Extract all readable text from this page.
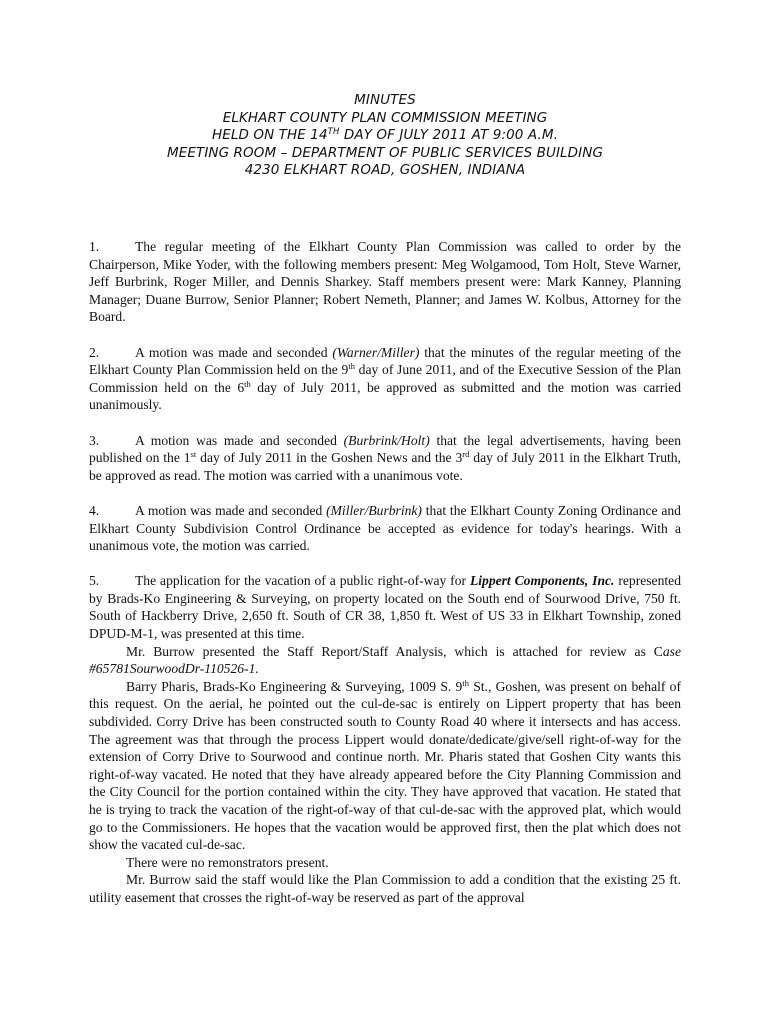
MINUTES
ELKHART COUNTY PLAN COMMISSION MEETING
HELD ON THE 14TH DAY OF JULY 2011 AT 9:00 A.M.
MEETING ROOM – DEPARTMENT OF PUBLIC SERVICES BUILDING
4230 ELKHART ROAD, GOSHEN, INDIANA

1.	The regular meeting of the Elkhart County Plan Commission was called to order by the Chairperson, Mike Yoder, with the following members present: Meg Wolgamood, Tom Holt, Steve Warner, Jeff Burbrink, Roger Miller, and Dennis Sharkey. Staff members present were: Mark Kanney, Planning Manager; Duane Burrow, Senior Planner; Robert Nemeth, Planner; and James W. Kolbus, Attorney for the Board.

2.	A motion was made and seconded (Warner/Miller) that the minutes of the regular meeting of the Elkhart County Plan Commission held on the 9th day of June 2011, and of the Executive Session of the Plan Commission held on the 6th day of July 2011, be approved as submitted and the motion was carried unanimously.

3.	A motion was made and seconded (Burbrink/Holt) that the legal advertisements, having been published on the 1st day of July 2011 in the Goshen News and the 3rd day of July 2011 in the Elkhart Truth, be approved as read. The motion was carried with a unanimous vote.

4.	A motion was made and seconded (Miller/Burbrink) that the Elkhart County Zoning Ordinance and Elkhart County Subdivision Control Ordinance be accepted as evidence for today's hearings. With a unanimous vote, the motion was carried.

5.	The application for the vacation of a public right-of-way for Lippert Components, Inc. represented by Brads-Ko Engineering & Surveying, on property located on the South end of Sourwood Drive, 750 ft. South of Hackberry Drive, 2,650 ft. South of CR 38, 1,850 ft. West of US 33 in Elkhart Township, zoned DPUD-M-1, was presented at this time.

Mr. Burrow presented the Staff Report/Staff Analysis, which is attached for review as Case #65781SourwoodDr-110526-1.

Barry Pharis, Brads-Ko Engineering & Surveying, 1009 S. 9th St., Goshen, was present on behalf of this request. On the aerial, he pointed out the cul-de-sac is entirely on Lippert property that has been subdivided. Corry Drive has been constructed south to County Road 40 where it intersects and has access. The agreement was that through the process Lippert would donate/dedicate/give/sell right-of-way for the extension of Corry Drive to Sourwood and continue north. Mr. Pharis stated that Goshen City wants this right-of-way vacated. He noted that they have already appeared before the City Planning Commission and the City Council for the portion contained within the city. They have approved that vacation. He stated that he is trying to track the vacation of the right-of-way of that cul-de-sac with the approved plat, which would go to the Commissioners. He hopes that the vacation would be approved first, then the plat which does not show the vacated cul-de-sac.

There were no remonstrators present.

Mr. Burrow said the staff would like the Plan Commission to add a condition that the existing 25 ft. utility easement that crosses the right-of-way be reserved as part of the approval
